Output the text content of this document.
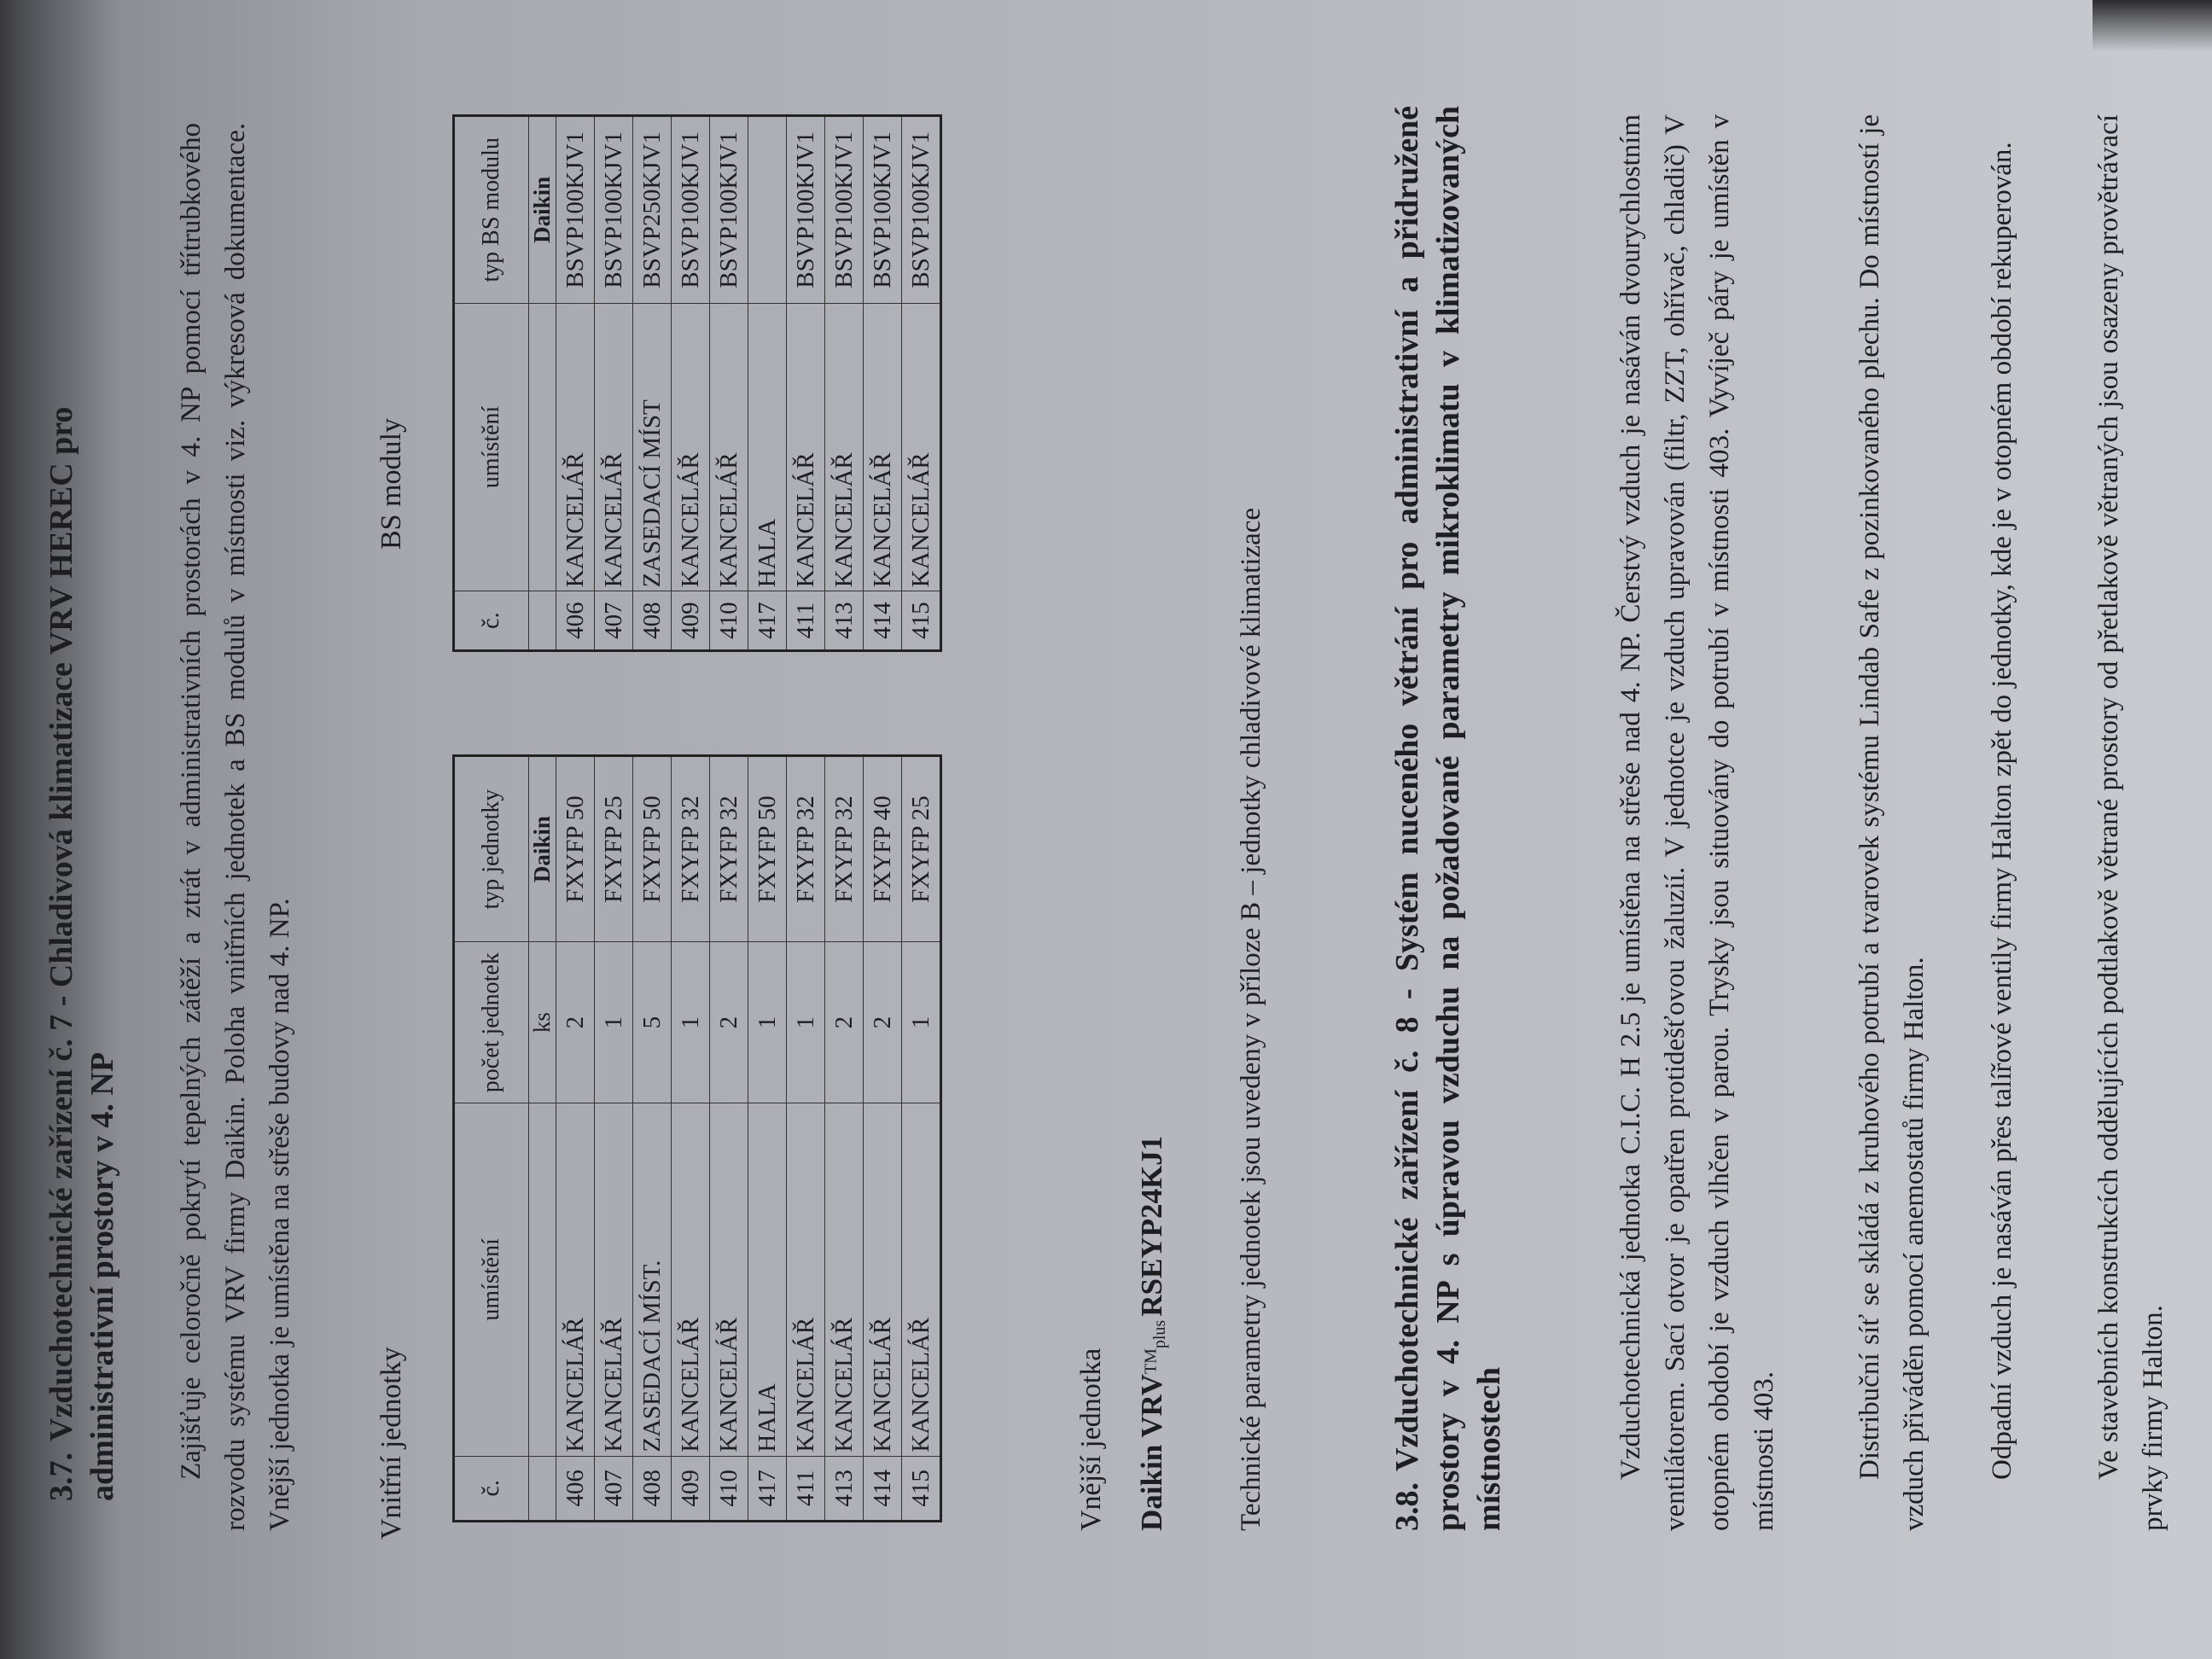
3.7.Vzduchotechnické zařízení č. 7 - Chladivová klimatizace VRV HEREC pro administrativní prostory v 4. NP Zajišťuje celoročně pokrytí tepelných zátěží a ztrát v administrativních prostorách v 4. NP pomocí třítrubkového rozvodu systému VRV firmy Daikin. Poloha vnitřních jednotek a BS modulů v místnosti viz. výkresová dokumentace. Vnější jednotka je umístěna na střeše budovy nad 4. NP.	Vnitřní jednotky	č.	umístění	počet jednotek	typ jednotky
		ks	Daikin
406	KANCELÁŘ	2	FXYFP 50
407	KANCELÁŘ	1	FXYFP 25
408	ZASEDACÍ MÍST.	5	FXYFP 50
409	KANCELÁŘ	1	FXYFP 32
410	KANCELÁŘ	2	FXYFP 32
417	HALA	1	FXYFP 50
411	KANCELÁŘ	1	FXYFP 32
413	KANCELÁŘ	2	FXYFP 32
414	KANCELÁŘ	2	FXYFP 40
415	KANCELÁŘ	1	FXYFP 25
BS moduly
č.	umístění	typ BS modulu
		Daikin
406	KANCELÁŘ	BSVP100KJV1
407	KANCELÁŘ	BSVP100KJV1
408	ZASEDACÍ MÍST	BSVP250KJV1
409	KANCELÁŘ	BSVP100KJV1
410	KANCELÁŘ	BSVP100KJV1
417	HALA	
411	KANCELÁŘ	BSVP100KJV1
413	KANCELÁŘ	BSVP100KJV1
414	KANCELÁŘ	BSVP100KJV1
415	KANCELÁŘ	BSVP100KJV1
Vnější jednotka Daikin $VRV™_{plus}$ RSEYP24KJ1 Technické parametry jednotek jsou uvedeny v příloze B – jednotky chladivové klimatizace	3.8.Vzduchotechnické zařízení č. 8 - Systém nuceného větrání pro administrativní a přidružené prostory v 4. NP s úpravou vzduchu na požadované parametry mikroklimatu v klimatizovaných místnostech	Vzduchotechnická jednotka C.I.C. H 2.5 je umístěna na střeše nad 4. NP. Čerstvý vzduch je nasáván dvourychlostním ventilátorem. Sací otvor je opatřen protidešťovou žaluzií. V jednotce je vzduch upravován (filtr, ZZT, ohřívač, chladič) V otopném období je vzduch vlhčen v parou. Trysky jsou situovány do potrubí v místnosti 403. Vyvíječ páry je umístěn v místnosti 403.	Distribuční síť se skládá z kruhového potrubí a tvarovek systému Lindab Safe z pozinkovaného plechu. Do místností je vzduch přiváděn pomocí anemostatů firmy Halton. Odpadní vzduch je nasáván přes talířové ventily firmy Halton zpět do jednotky, kde je v otopném období rekuperován.	Ve stavebních konstrukcích oddělujících podtlakově větrané prostory od přetlakově větraných jsou osazeny provětrávací prvky firmy Halton.
